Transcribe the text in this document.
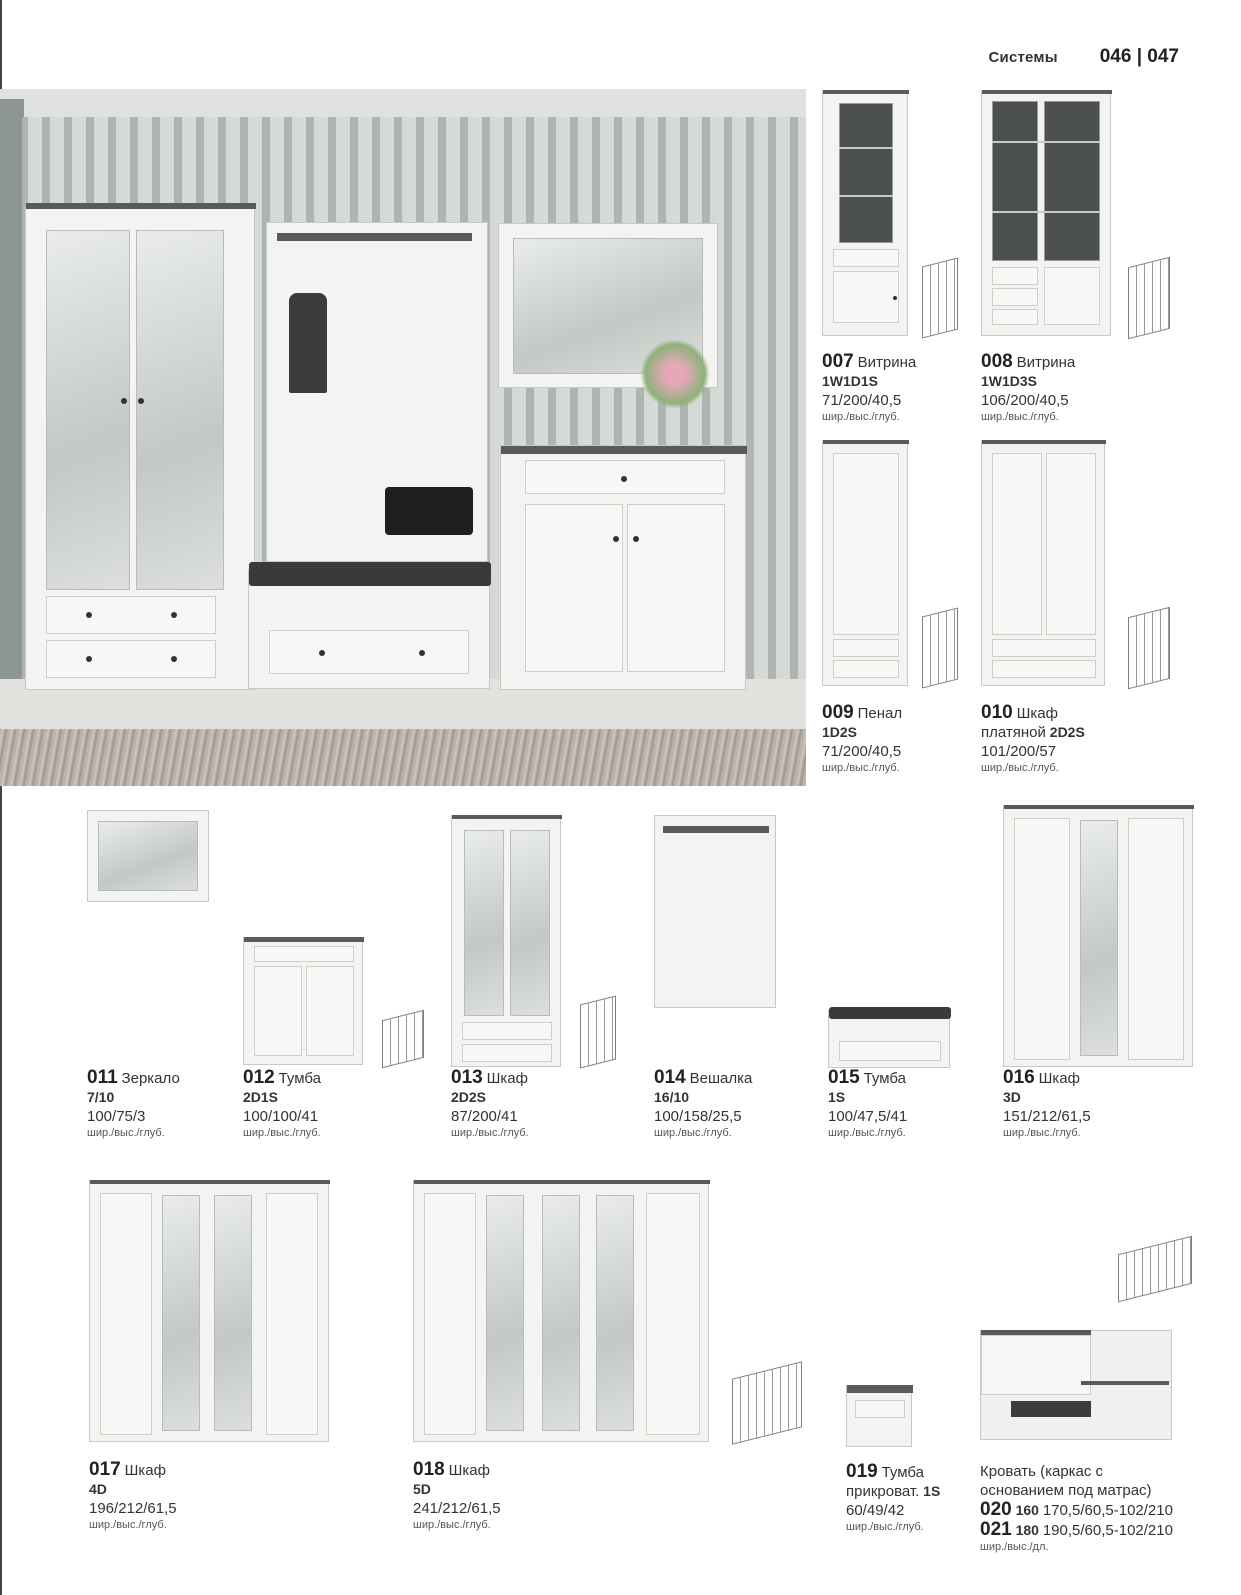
Системы 046 | 047
007 Витрина
1W1D1S
71/200/40,5
шир./выс./глуб.
008 Витрина
1W1D3S
106/200/40,5
шир./выс./глуб.
009 Пенал
1D2S
71/200/40,5
шир./выс./глуб.
010 Шкаф
платяной 2D2S
101/200/57
шир./выс./глуб.
011 Зеркало
7/10
100/75/3
шир./выс./глуб.
012 Тумба
2D1S
100/100/41
шир./выс./глуб.
013 Шкаф
2D2S
87/200/41
шир./выс./глуб.
014 Вешалка
16/10
100/158/25,5
шир./выс./глуб.
015 Тумба
1S
100/47,5/41
шир./выс./глуб.
016 Шкаф
3D
151/212/61,5
шир./выс./глуб.
017 Шкаф
4D
196/212/61,5
шир./выс./глуб.
018 Шкаф
5D
241/212/61,5
шир./выс./глуб.
019 Тумба
прикроват. 1S
60/49/42
шир./выс./глуб.
Кровать (каркас с
основанием под матрас)
020 160 170,5/60,5-102/210
021 180 190,5/60,5-102/210
шир./выс./дл.
